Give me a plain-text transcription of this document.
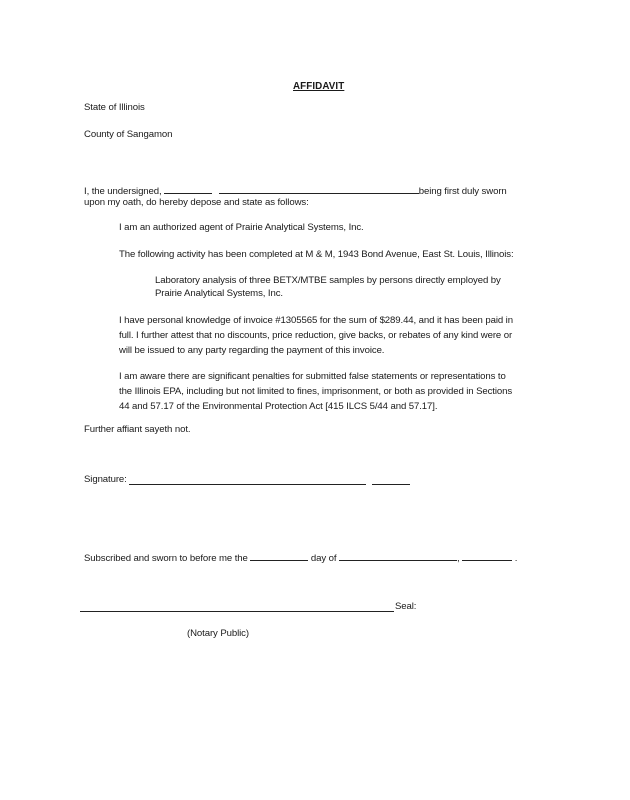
AFFIDAVIT
State of Illinois
County of Sangamon
I, the undersigned,	being first duly sworn
upon my oath, do hereby depose and state as follows:
I am an authorized agent of Prairie Analytical Systems, Inc.
The following activity has been completed at M & M, 1943 Bond Avenue, East St. Louis, Illinois:
Laboratory analysis of three BETX/MTBE samples by persons directly employed by
Prairie Analytical Systems, Inc.
I have personal knowledge of invoice #1305565 for the sum of $289.44, and it has been paid in
full. I further attest that no discounts, price reduction, give backs, or rebates of any kind were or
will be issued to any party regarding the payment of this invoice.
I am aware there are significant penalties for submitted false statements or representations to
the Illinois EPA, including but not limited to fines, imprisonment, or both as provided in Sections
44 and 57.17 of the Environmental Protection Act [415 ILCS 5/44 and 57.17].
Further affiant sayeth not.
Signature:
Subscribed and sworn to before me the	day of	,	.
Seal:
(Notary Public)
